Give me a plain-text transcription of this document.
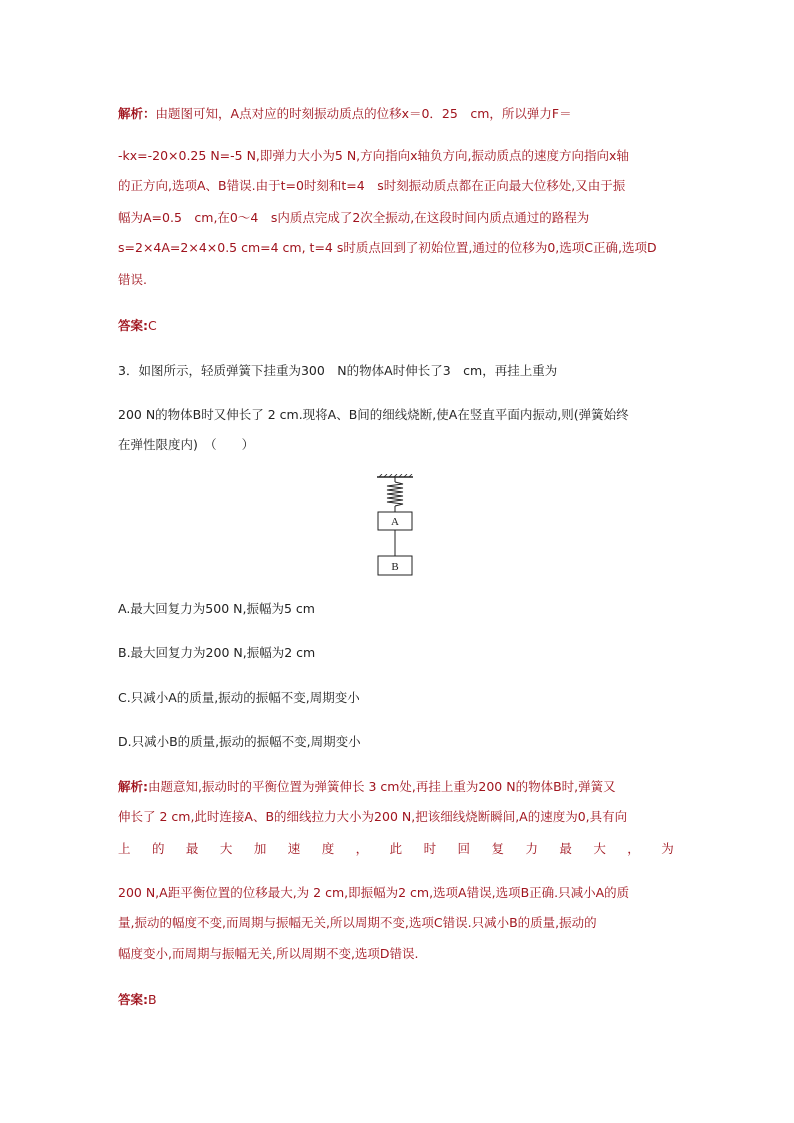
解析：由题图可知，A点对应的时刻振动质点的位移x＝0．25　cm，所以弹力F＝
-kx=-20×0.25 N=-5 N,即弹力大小为5 N,方向指向x轴负方向,振动质点的速度方向指向x轴
的正方向,选项A、B错误.由于t=0时刻和t=4　s时刻振动质点都在正向最大位移处,又由于振
幅为A=0.5　cm,在0～4　s内质点完成了2次全振动,在这段时间内质点通过的路程为
s=2×4A=2×4×0.5 cm=4 cm, t=4 s时质点回到了初始位置,通过的位移为0,选项C正确,选项D
错误.
答案:C
3．如图所示，轻质弹簧下挂重为300　N的物体A时伸长了3　cm，再挂上重为
200 N的物体B时又伸长了 2 cm.现将A、B间的细线烧断,使A在竖直平面内振动,则(弹簧始终
在弹性限度内)　（　　）
A
B
A.最大回复力为500 N,振幅为5 cm
B.最大回复力为200 N,振幅为2 cm
C.只减小A的质量,振动的振幅不变,周期变小
D.只减小B的质量,振动的振幅不变,周期变小
解析:由题意知,振动时的平衡位置为弹簧伸长 3 cm处,再挂上重为200 N的物体B时,弹簧又
伸长了 2 cm,此时连接A、B的细线拉力大小为200 N,把该细线烧断瞬间,A的速度为0,具有向
上 的 最 大 加 速 度 ， 此 时 回 复 力 最 大 ， 为
200 N,A距平衡位置的位移最大,为 2 cm,即振幅为2 cm,选项A错误,选项B正确.只减小A的质
量,振动的幅度不变,而周期与振幅无关,所以周期不变,选项C错误.只减小B的质量,振动的
幅度变小,而周期与振幅无关,所以周期不变,选项D错误.
答案:B
